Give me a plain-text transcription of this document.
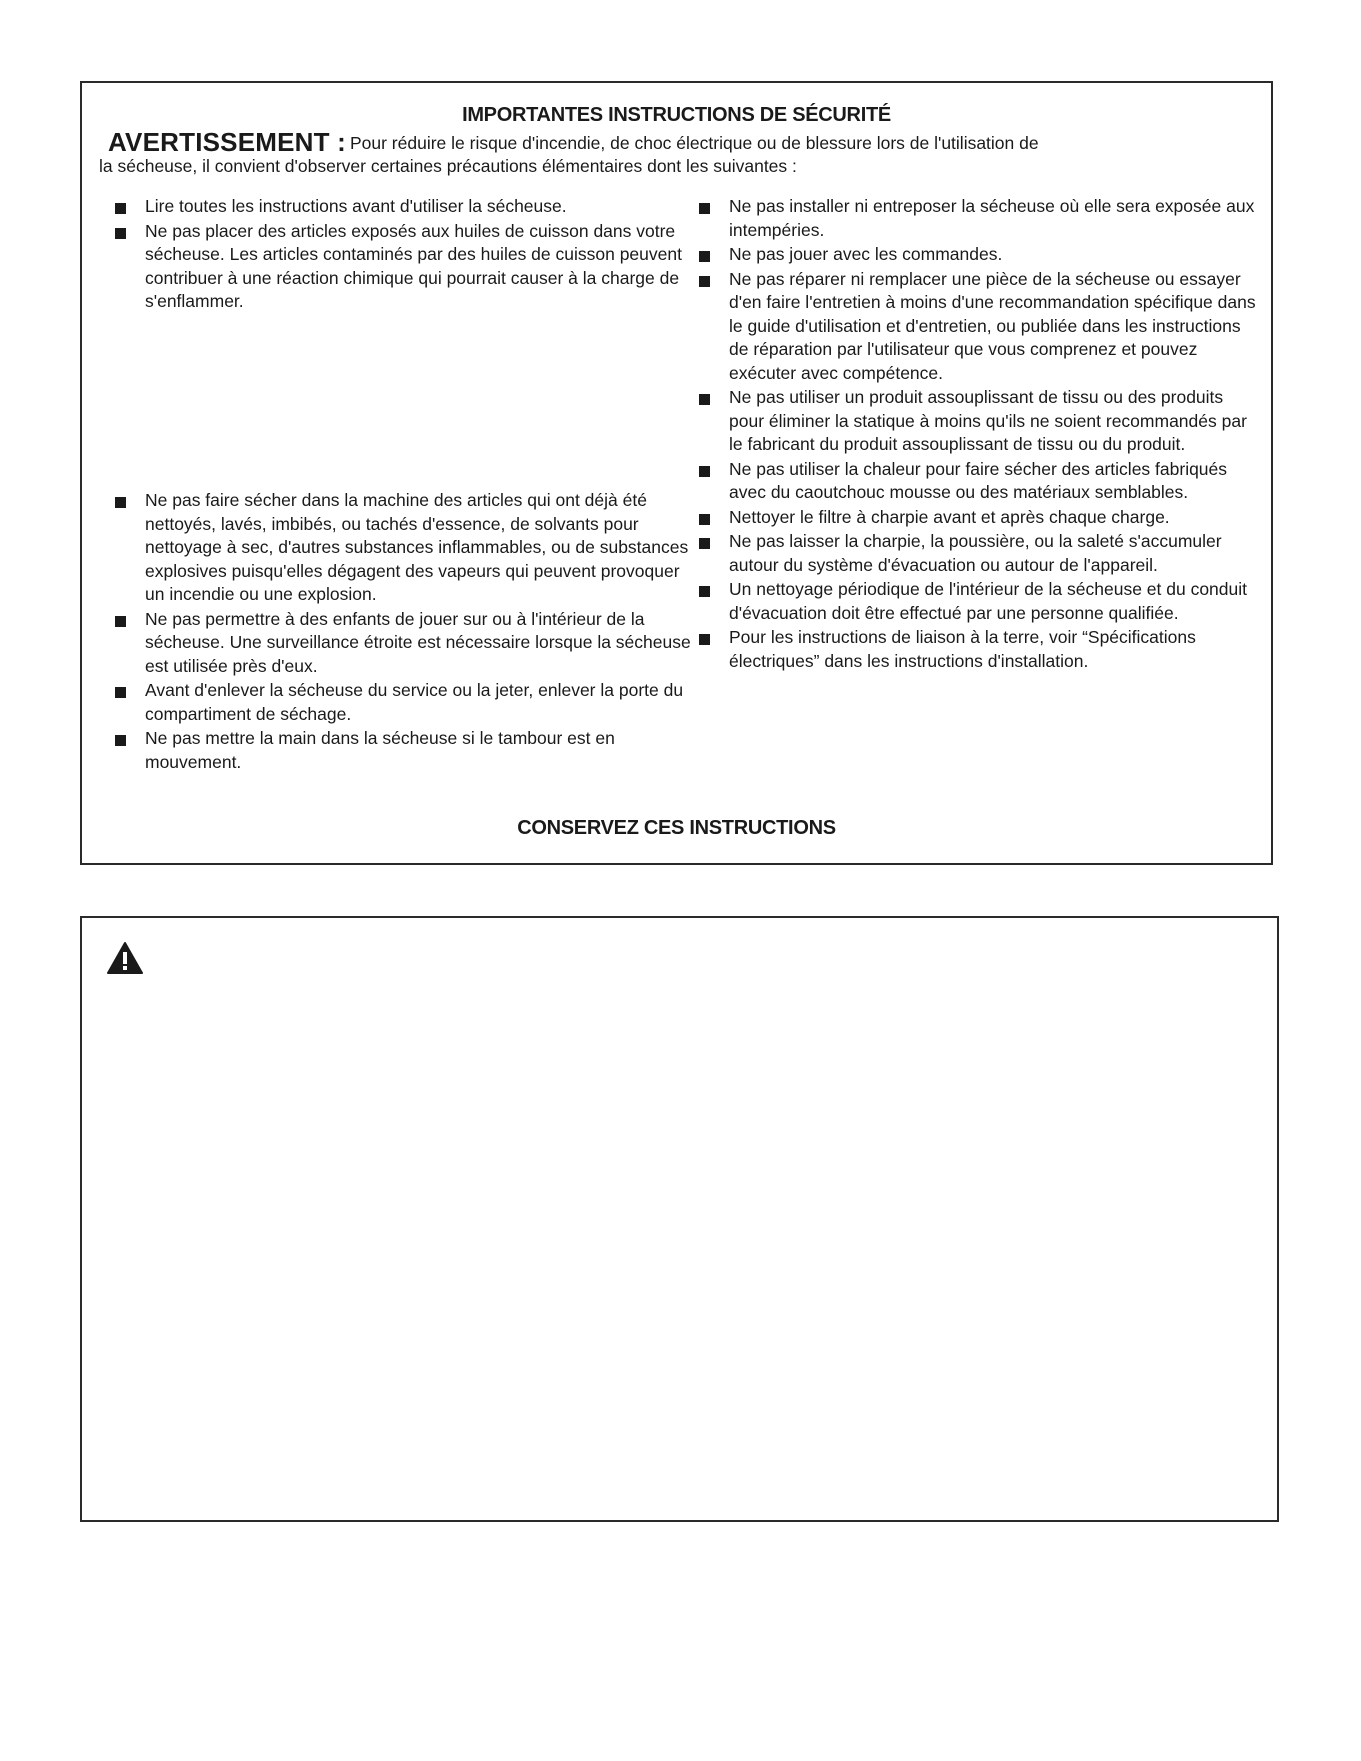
IMPORTANTES INSTRUCTIONS DE SÉCURITÉ

AVERTISSEMENT : Pour réduire le risque d'incendie, de choc électrique ou de blessure lors de l'utilisation de
la sécheuse, il convient d'observer certaines précautions élémentaires dont les suivantes :

Lire toutes les instructions avant d'utiliser la sécheuse.
Ne pas placer des articles exposés aux huiles de cuisson dans votre sécheuse. Les articles contaminés par des huiles de cuisson peuvent contribuer à une réaction chimique qui pourrait causer à la charge de s'enflammer.
Ne pas faire sécher dans la machine des articles qui ont déjà été nettoyés, lavés, imbibés, ou tachés d'essence, de solvants pour nettoyage à sec, d'autres substances inflammables, ou de substances explosives puisqu'elles dégagent des vapeurs qui peuvent provoquer un incendie ou une explosion.
Ne pas permettre à des enfants de jouer sur ou à l'intérieur de la sécheuse. Une surveillance étroite est nécessaire lorsque la sécheuse est utilisée près d'eux.
Avant d'enlever la sécheuse du service ou la jeter, enlever la porte du compartiment de séchage.
Ne pas mettre la main dans la sécheuse si le tambour est en mouvement.
Ne pas installer ni entreposer la sécheuse où elle sera exposée aux intempéries.
Ne pas jouer avec les commandes.
Ne pas réparer ni remplacer une pièce de la sécheuse ou essayer d'en faire l'entretien à moins d'une recommandation spécifique dans le guide d'utilisation et d'entretien, ou publiée dans les instructions de réparation par l'utilisateur que vous comprenez et pouvez exécuter avec compétence.
Ne pas utiliser un produit assouplissant de tissu ou des produits pour éliminer la statique à moins qu'ils ne soient recommandés par le fabricant du produit assouplissant de tissu ou du produit.
Ne pas utiliser la chaleur pour faire sécher des articles fabriqués avec du caoutchouc mousse ou des matériaux semblables.
Nettoyer le filtre à charpie avant et après chaque charge.
Ne pas laisser la charpie, la poussière, ou la saleté s'accumuler autour du système d'évacuation ou autour de l'appareil.
Un nettoyage périodique de l'intérieur de la sécheuse et du conduit d'évacuation doit être effectué par une personne qualifiée.
Pour les instructions de liaison à la terre, voir “Spécifications électriques” dans les instructions d'installation.
CONSERVEZ CES INSTRUCTIONS
